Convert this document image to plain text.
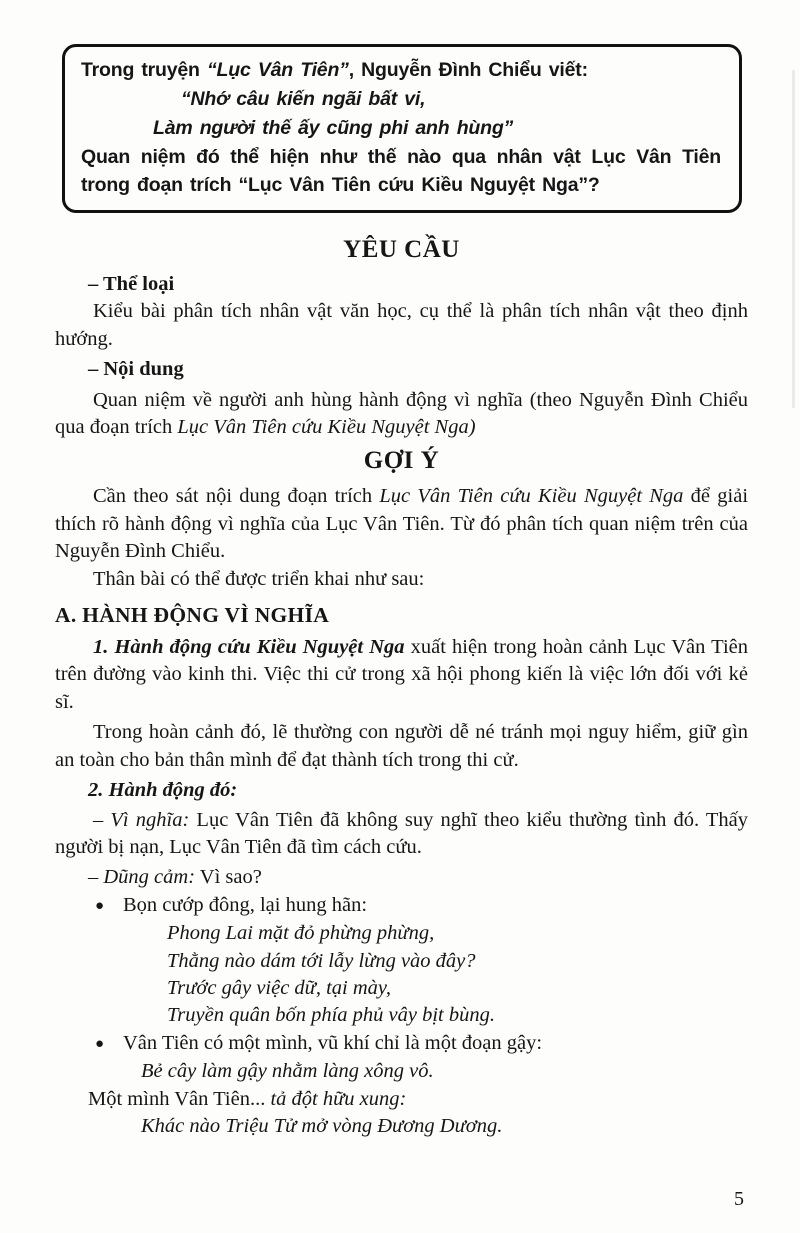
Trong truyện “Lục Vân Tiên”, Nguyễn Đình Chiểu viết:

“Nhớ câu kiến ngãi bất vi,

Làm người thế ấy cũng phi anh hùng”

Quan niệm đó thể hiện như thế nào qua nhân vật Lục Vân Tiên trong đoạn trích “Lục Vân Tiên cứu Kiều Nguyệt Nga”?

YÊU CẦU

– Thể loại

Kiểu bài phân tích nhân vật văn học, cụ thể là phân tích nhân vật theo định hướng.

– Nội dung

Quan niệm về người anh hùng hành động vì nghĩa (theo Nguyễn Đình Chiểu qua đoạn trích Lục Vân Tiên cứu Kiều Nguyệt Nga)

GỢI Ý

Cần theo sát nội dung đoạn trích Lục Vân Tiên cứu Kiều Nguyệt Nga để giải thích rõ hành động vì nghĩa của Lục Vân Tiên. Từ đó phân tích quan niệm trên của Nguyễn Đình Chiểu.

Thân bài có thể được triển khai như sau:

A. HÀNH ĐỘNG VÌ NGHĨA

1. Hành động cứu Kiều Nguyệt Nga xuất hiện trong hoàn cảnh Lục Vân Tiên trên đường vào kinh thi. Việc thi cử trong xã hội phong kiến là việc lớn đối với kẻ sĩ.

Trong hoàn cảnh đó, lẽ thường con người dễ né tránh mọi nguy hiểm, giữ gìn an toàn cho bản thân mình để đạt thành tích trong thi cử.

2. Hành động đó:

– Vì nghĩa: Lục Vân Tiên đã không suy nghĩ theo kiểu thường tình đó. Thấy người bị nạn, Lục Vân Tiên đã tìm cách cứu.

– Dũng cảm: Vì sao?

● Bọn cướp đông, lại hung hãn:

Phong Lai mặt đỏ phừng phừng,

Thằng nào dám tới lẫy lừng vào đây?

Trước gây việc dữ, tại mày,

Truyền quân bốn phía phủ vây bịt bùng.

● Vân Tiên có một mình, vũ khí chỉ là một đoạn gậy:

Bẻ cây làm gậy nhằm làng xông vô.

Một mình Vân Tiên... tả đột hữu xung:

Khác nào Triệu Tử mở vòng Đương Dương.

5
